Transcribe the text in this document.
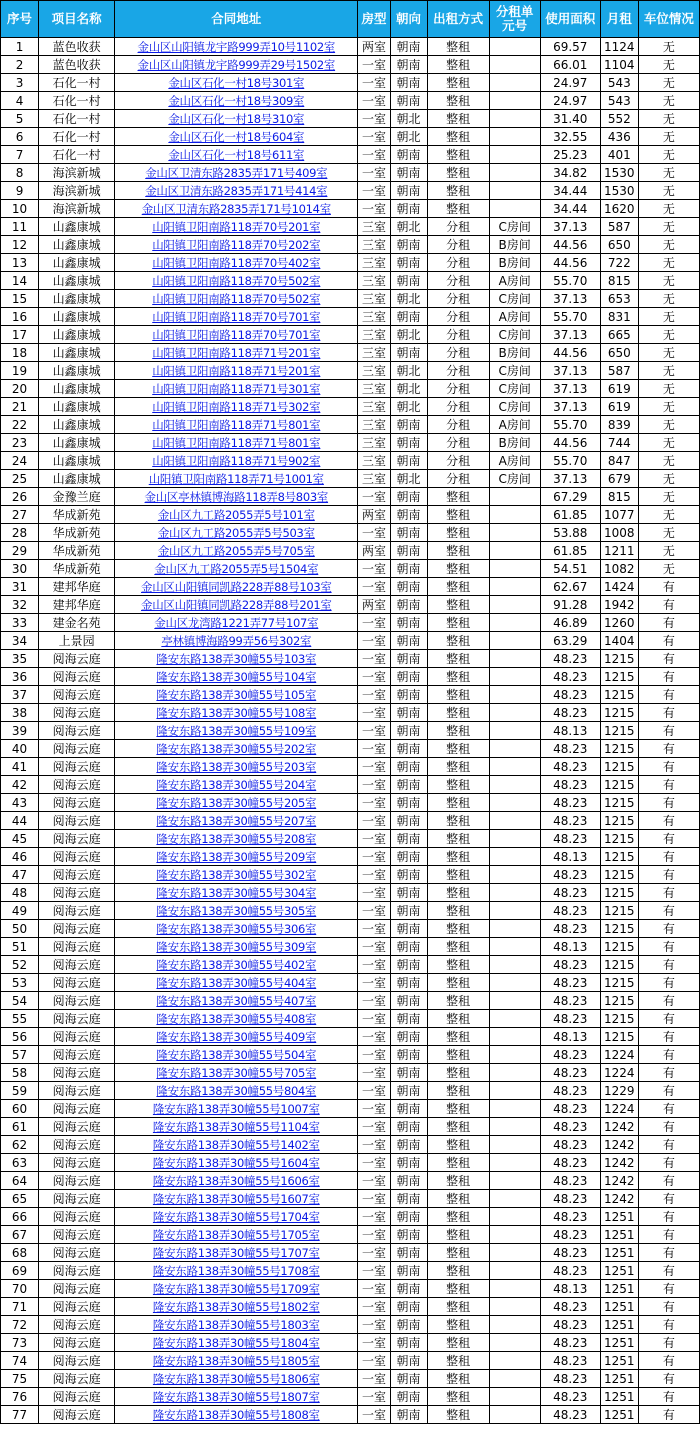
序号	项目名称	合同地址	房型	朝向	出租方式	分租单元号	使用面积	月租	车位情况
1	蓝色收获	金山区山阳镇龙宇路999弄10号1102室	两室	朝南	整租		69.57	1124	无
2	蓝色收获	金山区山阳镇龙宇路999弄29号1502室	一室	朝南	整租		66.01	1104	无
3	石化一村	金山区石化一村18号301室	一室	朝南	整租		24.97	543	无
4	石化一村	金山区石化一村18号309室	一室	朝南	整租		24.97	543	无
5	石化一村	金山区石化一村18号310室	一室	朝北	整租		31.40	552	无
6	石化一村	金山区石化一村18号604室	一室	朝北	整租		32.55	436	无
7	石化一村	金山区石化一村18号611室	一室	朝南	整租		25.23	401	无
8	海滨新城	金山区卫清东路2835弄171号409室	一室	朝南	整租		34.82	1530	无
9	海滨新城	金山区卫清东路2835弄171号414室	一室	朝南	整租		34.44	1530	无
10	海滨新城	金山区卫清东路2835弄171号1014室	一室	朝南	整租		34.44	1620	无
11	山鑫康城	山阳镇卫阳南路118弄70号201室	三室	朝北	分租	C房间	37.13	587	无
12	山鑫康城	山阳镇卫阳南路118弄70号202室	三室	朝南	分租	B房间	44.56	650	无
13	山鑫康城	山阳镇卫阳南路118弄70号402室	三室	朝南	分租	B房间	44.56	722	无
14	山鑫康城	山阳镇卫阳南路118弄70号502室	三室	朝南	分租	A房间	55.70	815	无
15	山鑫康城	山阳镇卫阳南路118弄70号502室	三室	朝北	分租	C房间	37.13	653	无
16	山鑫康城	山阳镇卫阳南路118弄70号701室	三室	朝南	分租	A房间	55.70	831	无
17	山鑫康城	山阳镇卫阳南路118弄70号701室	三室	朝北	分租	C房间	37.13	665	无
18	山鑫康城	山阳镇卫阳南路118弄71号201室	三室	朝南	分租	B房间	44.56	650	无
19	山鑫康城	山阳镇卫阳南路118弄71号201室	三室	朝北	分租	C房间	37.13	587	无
20	山鑫康城	山阳镇卫阳南路118弄71号301室	三室	朝北	分租	C房间	37.13	619	无
21	山鑫康城	山阳镇卫阳南路118弄71号302室	三室	朝北	分租	C房间	37.13	619	无
22	山鑫康城	山阳镇卫阳南路118弄71号801室	三室	朝南	分租	A房间	55.70	839	无
23	山鑫康城	山阳镇卫阳南路118弄71号801室	三室	朝南	分租	B房间	44.56	744	无
24	山鑫康城	山阳镇卫阳南路118弄71号902室	三室	朝南	分租	A房间	55.70	847	无
25	山鑫康城	山阳镇卫阳南路118弄71号1001室	三室	朝北	分租	C房间	37.13	679	无
26	金豫兰庭	金山区亭林镇博海路118弄8号803室	一室	朝南	整租		67.29	815	无
27	华成新苑	金山区九工路2055弄5号101室	两室	朝南	整租		61.85	1077	无
28	华成新苑	金山区九工路2055弄5号503室	一室	朝南	整租		53.88	1008	无
29	华成新苑	金山区九工路2055弄5号705室	两室	朝南	整租		61.85	1211	无
30	华成新苑	金山区九工路2055弄5号1504室	一室	朝南	整租		54.51	1082	无
31	建邦华庭	金山区山阳镇同凯路228弄88号103室	一室	朝南	整租		62.67	1424	有
32	建邦华庭	金山区山阳镇同凯路228弄88号201室	两室	朝南	整租		91.28	1942	有
33	建金名苑	金山区龙湾路1221弄77号107室	一室	朝南	整租		46.89	1260	有
34	上景园	亭林镇博海路99弄56号302室	一室	朝南	整租		63.29	1404	有
35	阅海云庭	隆安东路138弄30幢55号103室	一室	朝南	整租		48.23	1215	有
36	阅海云庭	隆安东路138弄30幢55号104室	一室	朝南	整租		48.23	1215	有
37	阅海云庭	隆安东路138弄30幢55号105室	一室	朝南	整租		48.23	1215	有
38	阅海云庭	隆安东路138弄30幢55号108室	一室	朝南	整租		48.23	1215	有
39	阅海云庭	隆安东路138弄30幢55号109室	一室	朝南	整租		48.13	1215	有
40	阅海云庭	隆安东路138弄30幢55号202室	一室	朝南	整租		48.23	1215	有
41	阅海云庭	隆安东路138弄30幢55号203室	一室	朝南	整租		48.23	1215	有
42	阅海云庭	隆安东路138弄30幢55号204室	一室	朝南	整租		48.23	1215	有
43	阅海云庭	隆安东路138弄30幢55号205室	一室	朝南	整租		48.23	1215	有
44	阅海云庭	隆安东路138弄30幢55号207室	一室	朝南	整租		48.23	1215	有
45	阅海云庭	隆安东路138弄30幢55号208室	一室	朝南	整租		48.23	1215	有
46	阅海云庭	隆安东路138弄30幢55号209室	一室	朝南	整租		48.13	1215	有
47	阅海云庭	隆安东路138弄30幢55号302室	一室	朝南	整租		48.23	1215	有
48	阅海云庭	隆安东路138弄30幢55号304室	一室	朝南	整租		48.23	1215	有
49	阅海云庭	隆安东路138弄30幢55号305室	一室	朝南	整租		48.23	1215	有
50	阅海云庭	隆安东路138弄30幢55号306室	一室	朝南	整租		48.23	1215	有
51	阅海云庭	隆安东路138弄30幢55号309室	一室	朝南	整租		48.13	1215	有
52	阅海云庭	隆安东路138弄30幢55号402室	一室	朝南	整租		48.23	1215	有
53	阅海云庭	隆安东路138弄30幢55号404室	一室	朝南	整租		48.23	1215	有
54	阅海云庭	隆安东路138弄30幢55号407室	一室	朝南	整租		48.23	1215	有
55	阅海云庭	隆安东路138弄30幢55号408室	一室	朝南	整租		48.23	1215	有
56	阅海云庭	隆安东路138弄30幢55号409室	一室	朝南	整租		48.13	1215	有
57	阅海云庭	隆安东路138弄30幢55号504室	一室	朝南	整租		48.23	1224	有
58	阅海云庭	隆安东路138弄30幢55号705室	一室	朝南	整租		48.23	1224	有
59	阅海云庭	隆安东路138弄30幢55号804室	一室	朝南	整租		48.23	1229	有
60	阅海云庭	隆安东路138弄30幢55号1007室	一室	朝南	整租		48.23	1224	有
61	阅海云庭	隆安东路138弄30幢55号1104室	一室	朝南	整租		48.23	1242	有
62	阅海云庭	隆安东路138弄30幢55号1402室	一室	朝南	整租		48.23	1242	有
63	阅海云庭	隆安东路138弄30幢55号1604室	一室	朝南	整租		48.23	1242	有
64	阅海云庭	隆安东路138弄30幢55号1606室	一室	朝南	整租		48.23	1242	有
65	阅海云庭	隆安东路138弄30幢55号1607室	一室	朝南	整租		48.23	1242	有
66	阅海云庭	隆安东路138弄30幢55号1704室	一室	朝南	整租		48.23	1251	有
67	阅海云庭	隆安东路138弄30幢55号1705室	一室	朝南	整租		48.23	1251	有
68	阅海云庭	隆安东路138弄30幢55号1707室	一室	朝南	整租		48.23	1251	有
69	阅海云庭	隆安东路138弄30幢55号1708室	一室	朝南	整租		48.23	1251	有
70	阅海云庭	隆安东路138弄30幢55号1709室	一室	朝南	整租		48.13	1251	有
71	阅海云庭	隆安东路138弄30幢55号1802室	一室	朝南	整租		48.23	1251	有
72	阅海云庭	隆安东路138弄30幢55号1803室	一室	朝南	整租		48.23	1251	有
73	阅海云庭	隆安东路138弄30幢55号1804室	一室	朝南	整租		48.23	1251	有
74	阅海云庭	隆安东路138弄30幢55号1805室	一室	朝南	整租		48.23	1251	有
75	阅海云庭	隆安东路138弄30幢55号1806室	一室	朝南	整租		48.23	1251	有
76	阅海云庭	隆安东路138弄30幢55号1807室	一室	朝南	整租		48.23	1251	有
77	阅海云庭	隆安东路138弄30幢55号1808室	一室	朝南	整租		48.23	1251	有
